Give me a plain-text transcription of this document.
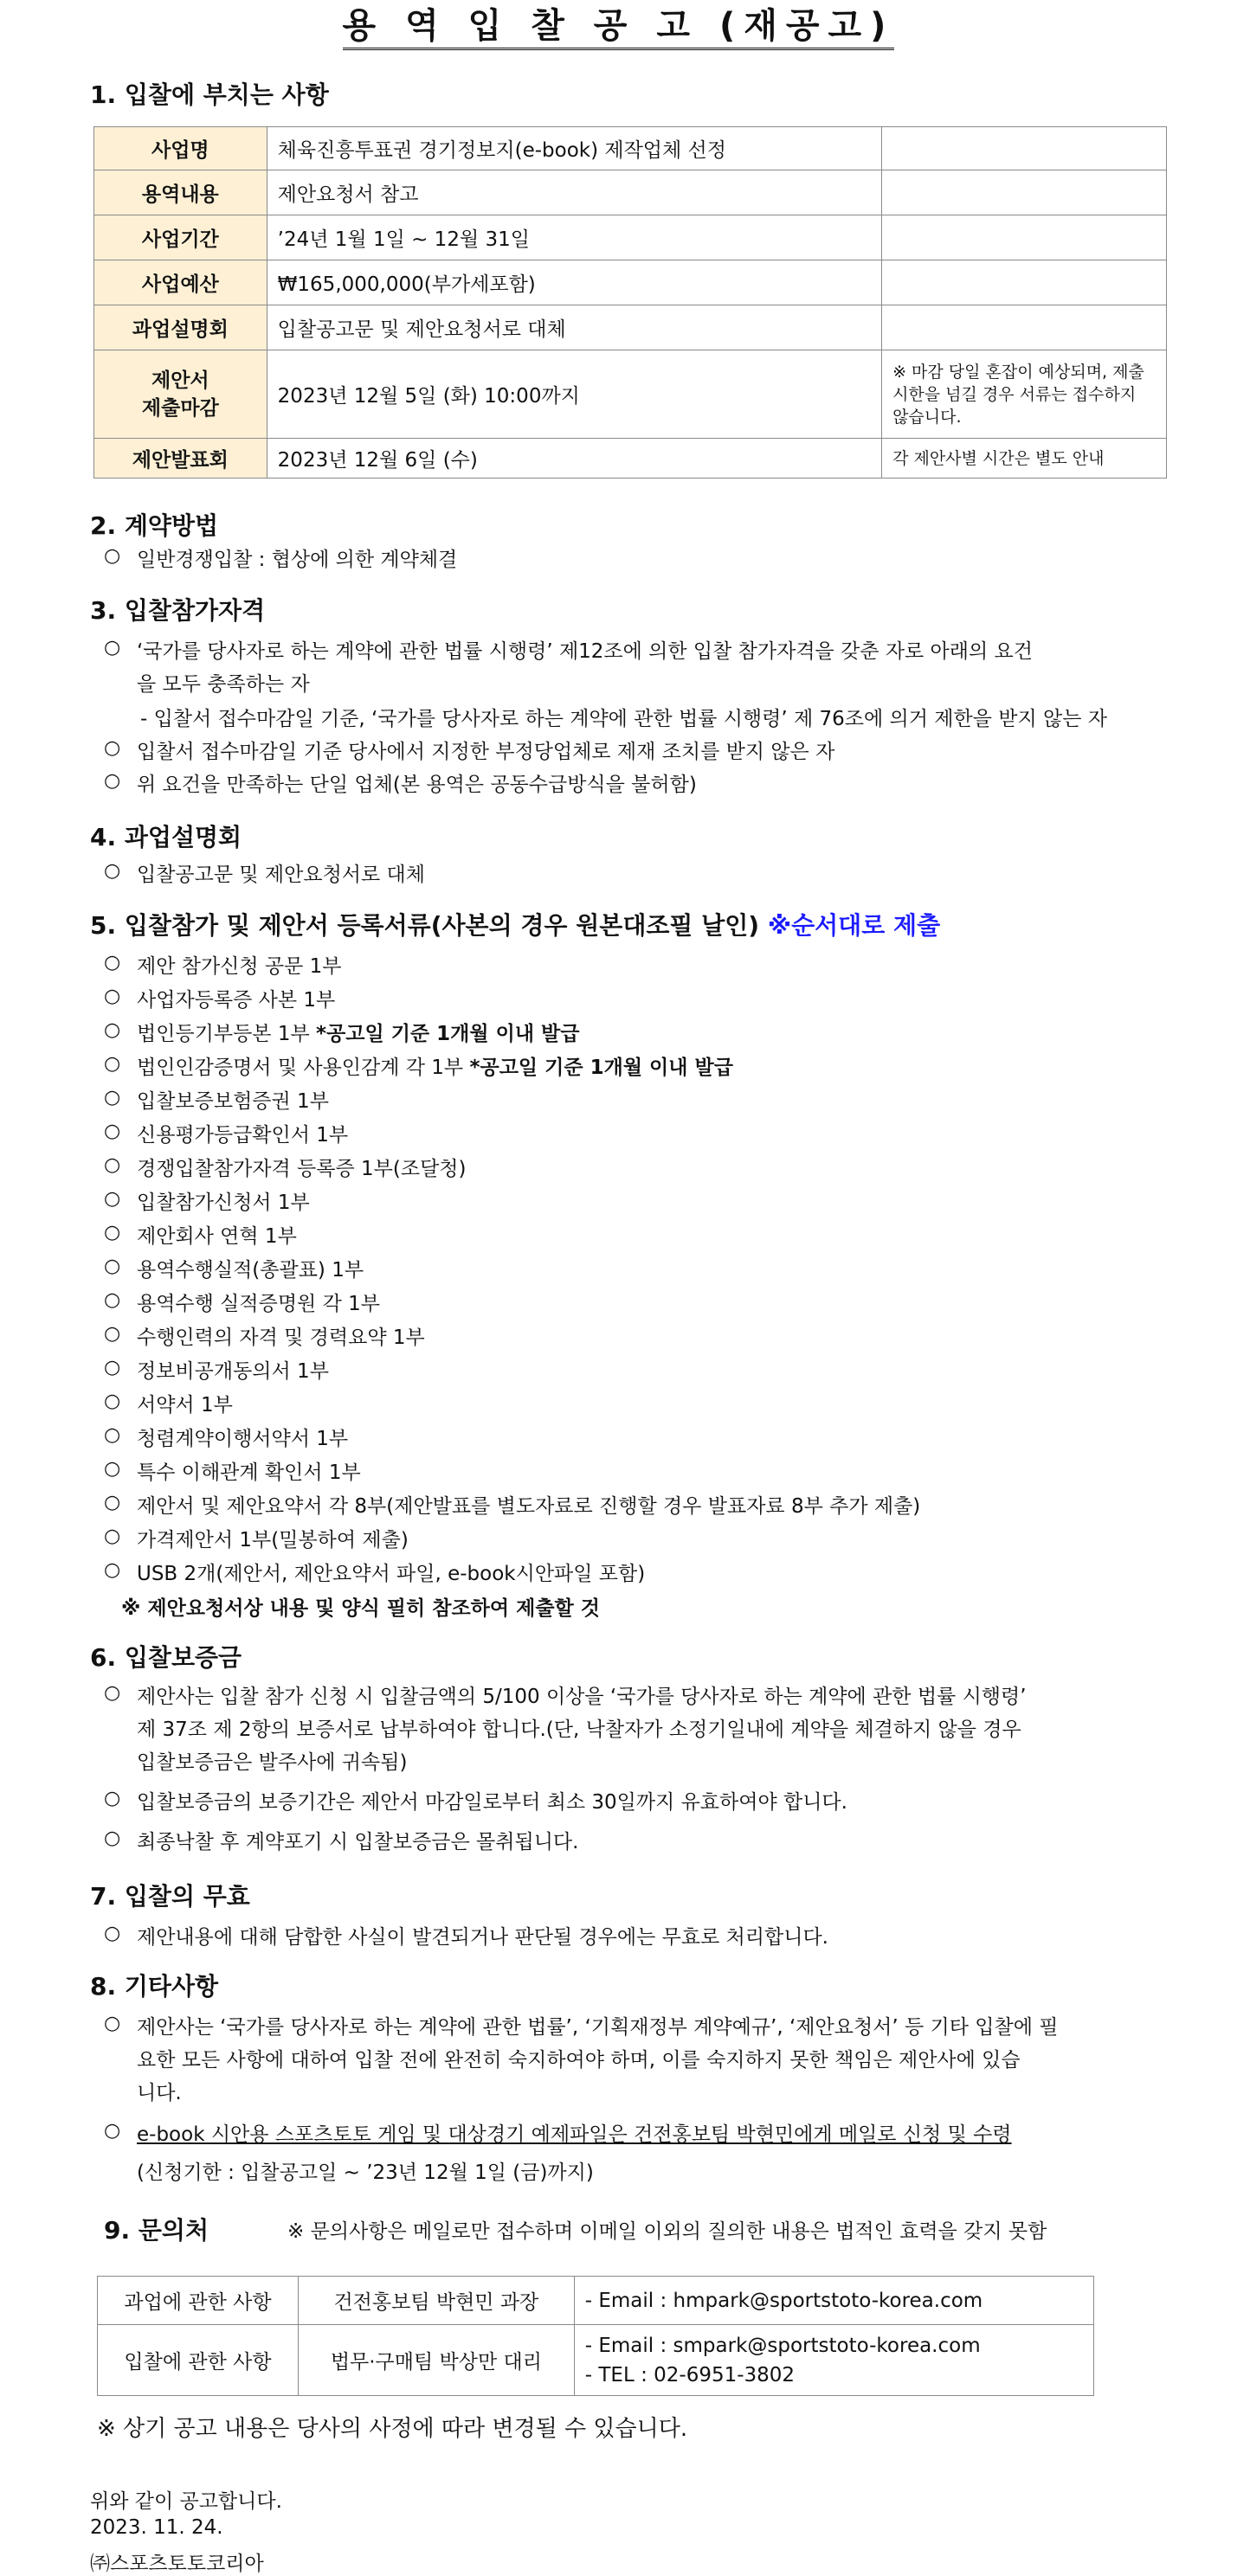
용 역 입 찰 공 고 (재공고)
1. 입찰에 부치는 사항
사업명	체육진흥투표권 경기정보지(e-book) 제작업체 선정	
용역내용	제안요청서 참고	
사업기간	’24년 1월 1일 ~ 12월 31일	
사업예산	₩165,000,000(부가세포함)	
과업설명회	입찰공고문 및 제안요청서로 대체	
제안서
제출마감	2023년 12월 5일 (화) 10:00까지	※ 마감 당일 혼잡이 예상되며, 제출시한을 넘길 경우 서류는 접수하지 않습니다.
제안발표회	2023년 12월 6일 (수)	각 제안사별 시간은 별도 안내
2. 계약방법
○ 일반경쟁입찰 : 협상에 의한 계약체결
3. 입찰참가자격
○ ‘국가를 당사자로 하는 계약에 관한 법률 시행령’ 제12조에 의한 입찰 참가자격을 갖춘 자로 아래의 요건
을 모두 충족하는 자
- 입찰서 접수마감일 기준, ‘국가를 당사자로 하는 계약에 관한 법률 시행령’ 제 76조에 의거 제한을 받지 않는 자
○ 입찰서 접수마감일 기준 당사에서 지정한 부정당업체로 제재 조치를 받지 않은 자
○ 위 요건을 만족하는 단일 업체(본 용역은 공동수급방식을 불허함)
4. 과업설명회
○ 입찰공고문 및 제안요청서로 대체
5. 입찰참가 및 제안서 등록서류(사본의 경우 원본대조필 날인) ※순서대로 제출
○ 제안 참가신청 공문 1부
○ 사업자등록증 사본 1부
○ 법인등기부등본 1부 *공고일 기준 1개월 이내 발급
○ 법인인감증명서 및 사용인감계 각 1부 *공고일 기준 1개월 이내 발급
○ 입찰보증보험증권 1부
○ 신용평가등급확인서 1부
○ 경쟁입찰참가자격 등록증 1부(조달청)
○ 입찰참가신청서 1부
○ 제안회사 연혁 1부
○ 용역수행실적(총괄표) 1부
○ 용역수행 실적증명원 각 1부
○ 수행인력의 자격 및 경력요약 1부
○ 정보비공개동의서 1부
○ 서약서 1부
○ 청렴계약이행서약서 1부
○ 특수 이해관계 확인서 1부
○ 제안서 및 제안요약서 각 8부(제안발표를 별도자료로 진행할 경우 발표자료 8부 추가 제출)
○ 가격제안서 1부(밀봉하여 제출)
○ USB 2개(제안서, 제안요약서 파일, e-book시안파일 포함)
※ 제안요청서상 내용 및 양식 필히 참조하여 제출할 것
6. 입찰보증금
○ 제안사는 입찰 참가 신청 시 입찰금액의 5/100 이상을 ‘국가를 당사자로 하는 계약에 관한 법률 시행령’
제 37조 제 2항의 보증서로 납부하여야 합니다.(단, 낙찰자가 소정기일내에 계약을 체결하지 않을 경우
입찰보증금은 발주사에 귀속됨)
○ 입찰보증금의 보증기간은 제안서 마감일로부터 최소 30일까지 유효하여야 합니다.
○ 최종낙찰 후 계약포기 시 입찰보증금은 몰취됩니다.
7. 입찰의 무효
○ 제안내용에 대해 담합한 사실이 발견되거나 판단될 경우에는 무효로 처리합니다.
8. 기타사항
○ 제안사는 ‘국가를 당사자로 하는 계약에 관한 법률’, ‘기획재정부 계약예규’, ‘제안요청서’ 등 기타 입찰에 필
요한 모든 사항에 대하여 입찰 전에 완전히 숙지하여야 하며, 이를 숙지하지 못한 책임은 제안사에 있습
니다.
○ e-book 시안용 스포츠토토 게임 및 대상경기 예제파일은 건전홍보팀 박현민에게 메일로 신청 및 수령
(신청기한 : 입찰공고일 ~ ’23년 12월 1일 (금)까지)
9. 문의처	※ 문의사항은 메일로만 접수하며 이메일 이외의 질의한 내용은 법적인 효력을 갖지 못함
과업에 관한 사항	건전홍보팀 박현민 과장	- Email : hmpark@sportstoto-korea.com

입찰에 관한 사항	법무·구매팀 박상만 대리	- Email : smpark@sportstoto-korea.com
- TEL : 02-6951-3802
※ 상기 공고 내용은 당사의 사정에 따라 변경될 수 있습니다.
위와 같이 공고합니다.
2023. 11. 24.
㈜스포츠토토코리아
